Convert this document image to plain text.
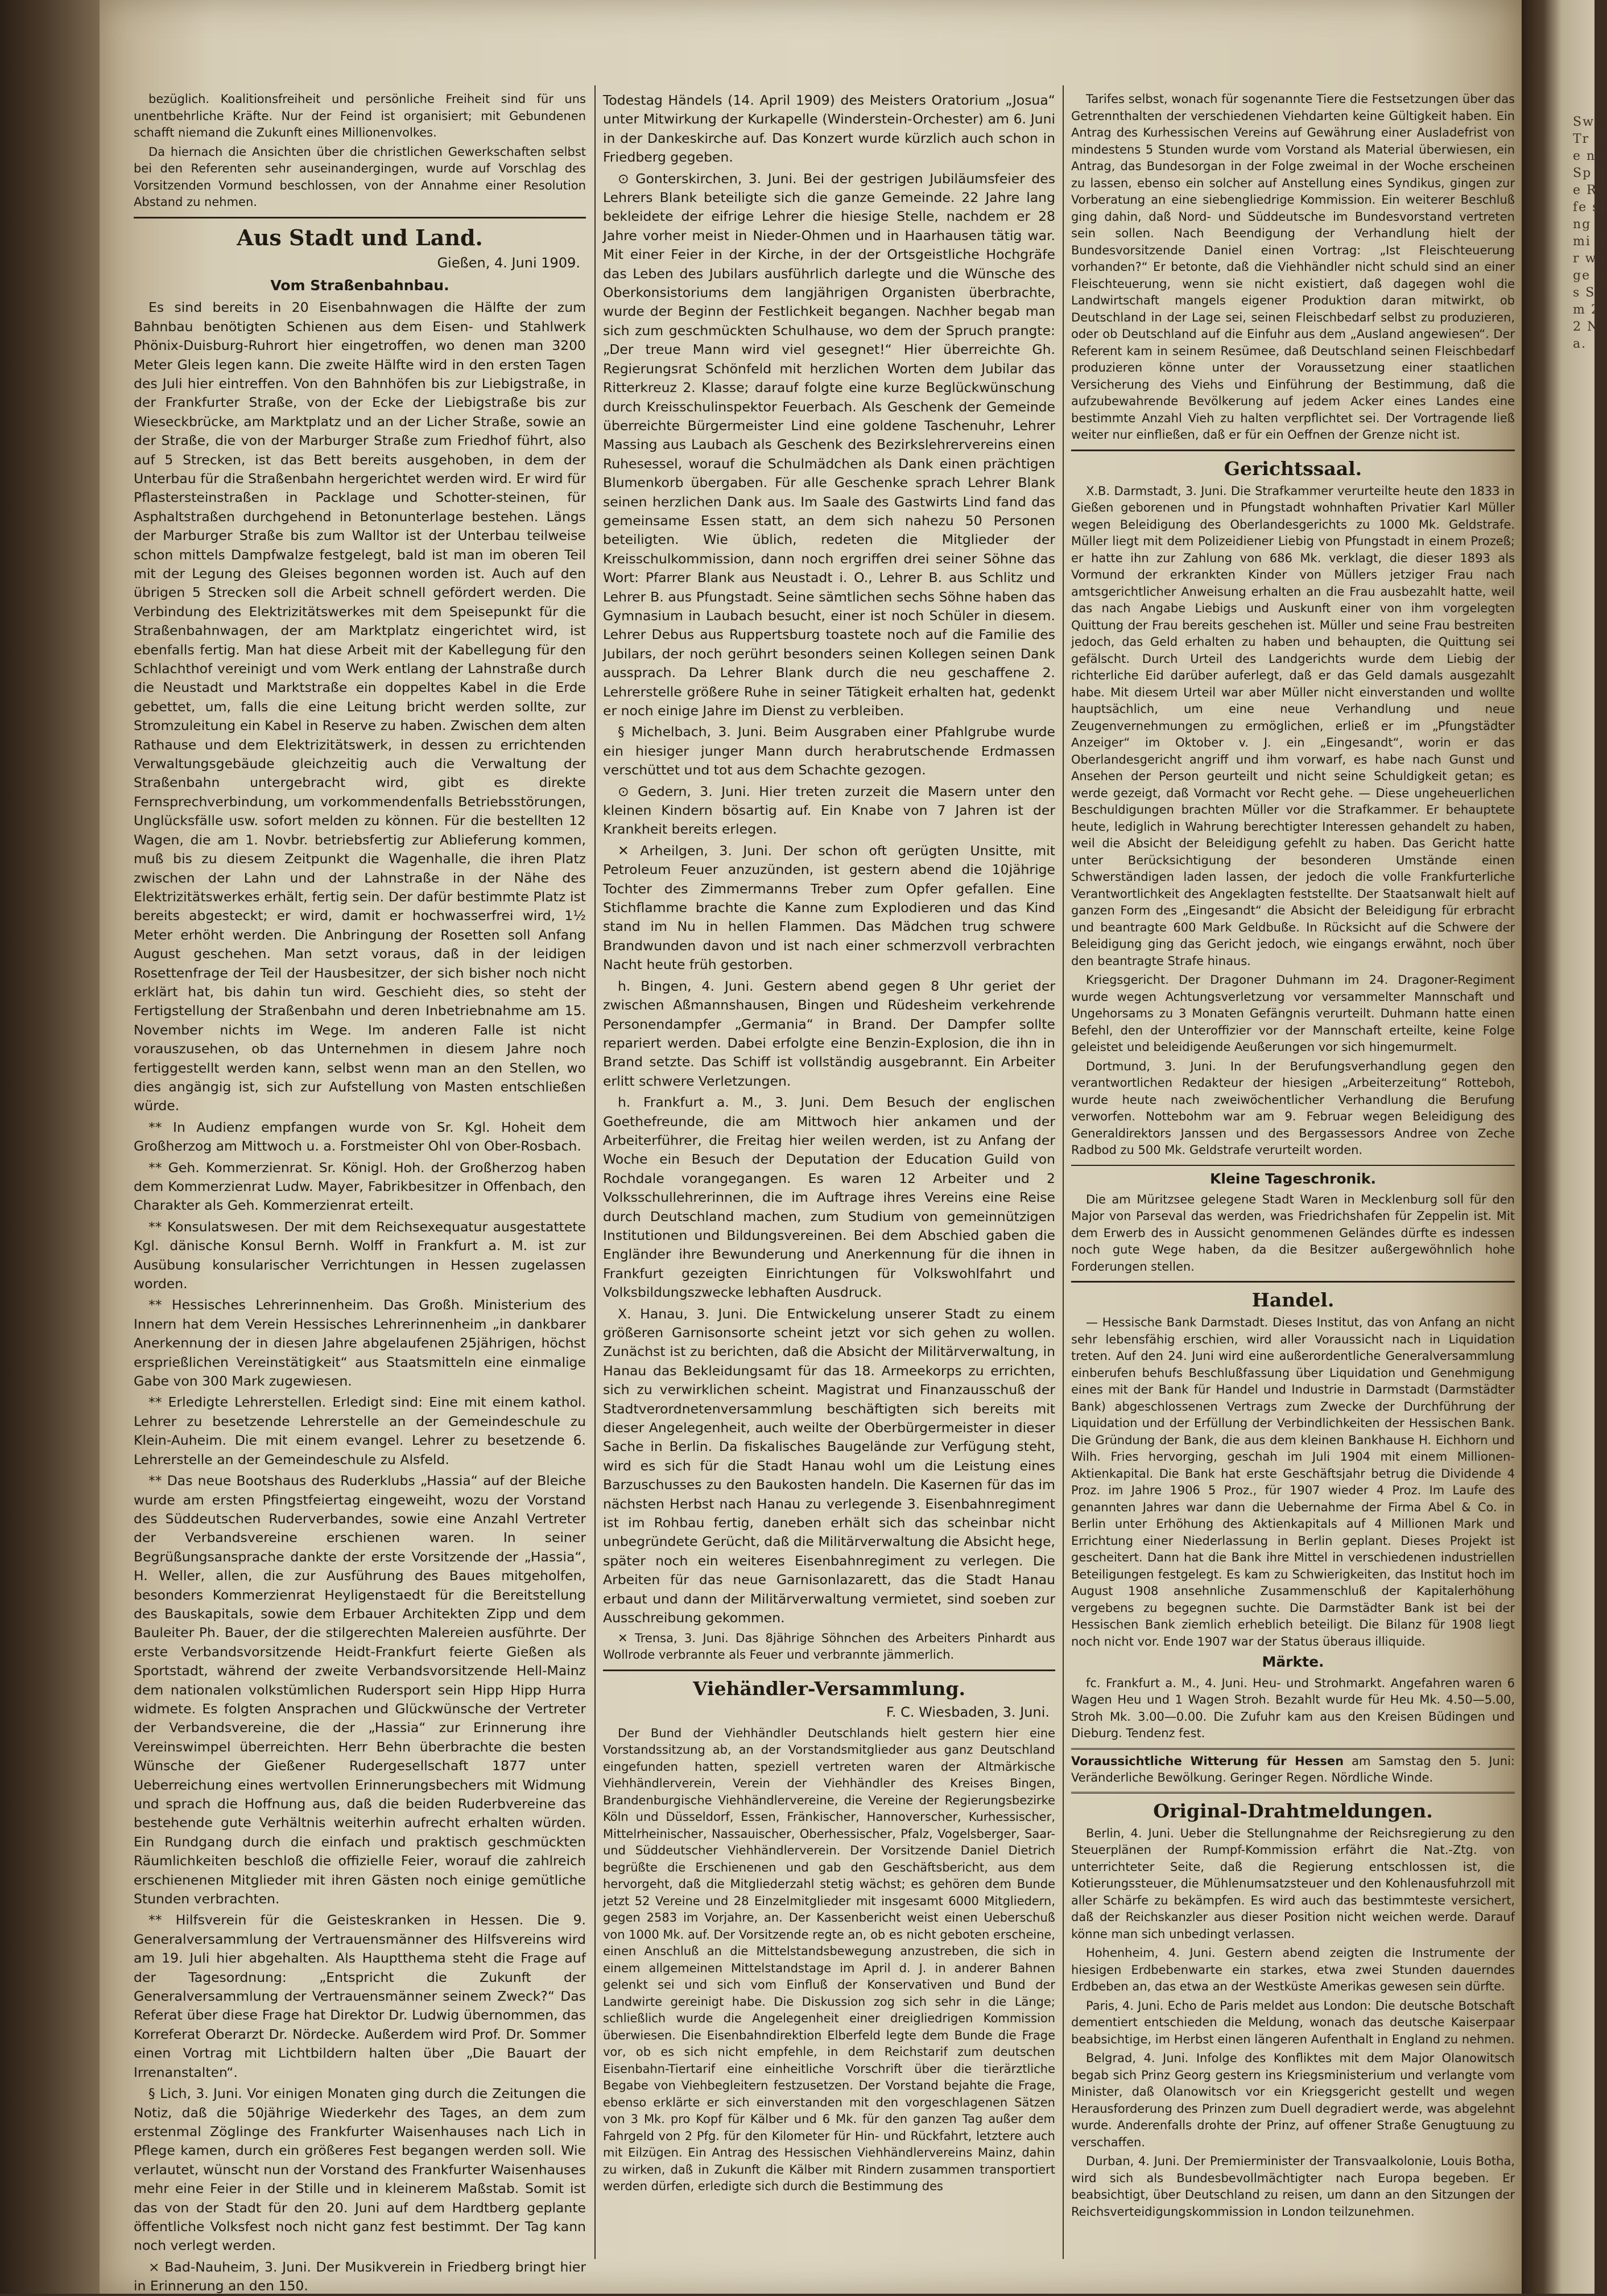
Sw Tr de ns Sp ke Re fe st ng mi er wä ge us Sm 22 Na.

bezüglich. Koalitionsfreiheit und persönliche Freiheit sind für uns unentbehrliche Kräfte. Nur der Feind ist organisiert; mit Gebundenen schafft niemand die Zukunft eines Millionenvolkes.

Da hiernach die Ansichten über die christlichen Gewerkschaften selbst bei den Referenten sehr auseinandergingen, wurde auf Vorschlag des Vorsitzenden Vormund beschlossen, von der Annahme einer Resolution Abstand zu nehmen.

Aus Stadt und Land.
Gießen, 4. Juni 1909.
Vom Straßenbahnbau.

Es sind bereits in 20 Eisenbahnwagen die Hälfte der zum Bahnbau benötigten Schienen aus dem Eisen- und Stahlwerk Phönix-Duisburg-Ruhrort hier eingetroffen, wo denen man 3200 Meter Gleis legen kann. Die zweite Hälfte wird in den ersten Tagen des Juli hier eintreffen. Von den Bahnhöfen bis zur Liebigstraße, in der Frankfurter Straße, von der Ecke der Liebigstraße bis zur Wieseckbrücke, am Marktplatz und an der Licher Straße, sowie an der Straße, die von der Marburger Straße zum Friedhof führt, also auf 5 Strecken, ist das Bett bereits ausgehoben, in dem der Unterbau für die Straßenbahn hergerichtet werden wird. Er wird für Pflastersteinstraßen in Packlage und Schotter-steinen, für Asphaltstraßen durchgehend in Betonunterlage bestehen. Längs der Marburger Straße bis zum Walltor ist der Unterbau teilweise schon mittels Dampfwalze festgelegt, bald ist man im oberen Teil mit der Legung des Gleises begonnen worden ist. Auch auf den übrigen 5 Strecken soll die Arbeit schnell gefördert werden. Die Verbindung des Elektrizitätswerkes mit dem Speisepunkt für die Straßenbahnwagen, der am Marktplatz eingerichtet wird, ist ebenfalls fertig. Man hat diese Arbeit mit der Kabellegung für den Schlachthof vereinigt und vom Werk entlang der Lahnstraße durch die Neustadt und Marktstraße ein doppeltes Kabel in die Erde gebettet, um, falls die eine Leitung bricht werden sollte, zur Stromzuleitung ein Kabel in Reserve zu haben. Zwischen dem alten Rathause und dem Elektrizitätswerk, in dessen zu errichtenden Verwaltungsgebäude gleichzeitig auch die Verwaltung der Straßenbahn untergebracht wird, gibt es direkte Fernsprechverbindung, um vorkommendenfalls Betriebsstörungen, Unglücksfälle usw. sofort melden zu können. Für die bestellten 12 Wagen, die am 1. Novbr. betriebsfertig zur Ablieferung kommen, muß bis zu diesem Zeitpunkt die Wagenhalle, die ihren Platz zwischen der Lahn und der Lahnstraße in der Nähe des Elektrizitätswerkes erhält, fertig sein. Der dafür bestimmte Platz ist bereits abgesteckt; er wird, damit er hochwasserfrei wird, 1½ Meter erhöht werden. Die Anbringung der Rosetten soll Anfang August geschehen. Man setzt voraus, daß in der leidigen Rosettenfrage der Teil der Hausbesitzer, der sich bisher noch nicht erklärt hat, bis dahin tun wird. Geschieht dies, so steht der Fertigstellung der Straßenbahn und deren Inbetriebnahme am 15. November nichts im Wege. Im anderen Falle ist nicht vorauszusehen, ob das Unternehmen in diesem Jahre noch fertiggestellt werden kann, selbst wenn man an den Stellen, wo dies angängig ist, sich zur Aufstellung von Masten entschließen würde.

** In Audienz empfangen wurde von Sr. Kgl. Hoheit dem Großherzog am Mittwoch u. a. Forstmeister Ohl von Ober-Rosbach.

** Geh. Kommerzienrat. Sr. Königl. Hoh. der Großherzog haben dem Kommerzienrat Ludw. Mayer, Fabrikbesitzer in Offenbach, den Charakter als Geh. Kommerzienrat erteilt.

** Konsulatswesen. Der mit dem Reichsexequatur ausgestattete Kgl. dänische Konsul Bernh. Wolff in Frankfurt a. M. ist zur Ausübung konsularischer Verrichtungen in Hessen zugelassen worden.

** Hessisches Lehrerinnenheim. Das Großh. Ministerium des Innern hat dem Verein Hessisches Lehrerinnenheim „in dankbarer Anerkennung der in diesen Jahre abgelaufenen 25jährigen, höchst ersprießlichen Vereinstätigkeit“ aus Staatsmitteln eine einmalige Gabe von 300 Mark zugewiesen.

** Erledigte Lehrerstellen. Erledigt sind: Eine mit einem kathol. Lehrer zu besetzende Lehrerstelle an der Gemeindeschule zu Klein-Auheim. Die mit einem evangel. Lehrer zu besetzende 6. Lehrerstelle an der Gemeindeschule zu Alsfeld.

** Das neue Bootshaus des Ruderklubs „Hassia“ auf der Bleiche wurde am ersten Pfingstfeiertag eingeweiht, wozu der Vorstand des Süddeutschen Ruderverbandes, sowie eine Anzahl Vertreter der Verbandsvereine erschienen waren. In seiner Begrüßungsansprache dankte der erste Vorsitzende der „Hassia“, H. Weller, allen, die zur Ausführung des Baues mitgeholfen, besonders Kommerzienrat Heyligenstaedt für die Bereitstellung des Bauskapitals, sowie dem Erbauer Architekten Zipp und dem Bauleiter Ph. Bauer, der die stilgerechten Malereien ausführte. Der erste Verbandsvorsitzende Heidt-Frankfurt feierte Gießen als Sportstadt, während der zweite Verbandsvorsitzende Hell-Mainz dem nationalen volkstümlichen Rudersport sein Hipp Hipp Hurra widmete. Es folgten Ansprachen und Glückwünsche der Vertreter der Verbandsvereine, die der „Hassia“ zur Erinnerung ihre Vereinswimpel überreichten. Herr Behn überbrachte die besten Wünsche der Gießener Rudergesellschaft 1877 unter Ueberreichung eines wertvollen Erinnerungsbechers mit Widmung und sprach die Hoffnung aus, daß die beiden Ruderbvereine das bestehende gute Verhältnis weiterhin aufrecht erhalten würden. Ein Rundgang durch die einfach und praktisch geschmückten Räumlichkeiten beschloß die offizielle Feier, worauf die zahlreich erschienenen Mitglieder mit ihren Gästen noch einige gemütliche Stunden verbrachten.

** Hilfsverein für die Geisteskranken in Hessen. Die 9. Generalversammlung der Vertrauensmänner des Hilfsvereins wird am 19. Juli hier abgehalten. Als Hauptthema steht die Frage auf der Tagesordnung: „Entspricht die Zukunft der Generalversammlung der Vertrauensmänner seinem Zweck?“ Das Referat über diese Frage hat Direktor Dr. Ludwig übernommen, das Korreferat Oberarzt Dr. Nördecke. Außerdem wird Prof. Dr. Sommer einen Vortrag mit Lichtbildern halten über „Die Bauart der Irrenanstalten“.

§ Lich, 3. Juni. Vor einigen Monaten ging durch die Zeitungen die Notiz, daß die 50jährige Wiederkehr des Tages, an dem zum erstenmal Zöglinge des Frankfurter Waisenhauses nach Lich in Pflege kamen, durch ein größeres Fest begangen werden soll. Wie verlautet, wünscht nun der Vorstand des Frankfurter Waisenhauses mehr eine Feier in der Stille und in kleinerem Maßstab. Somit ist das von der Stadt für den 20. Juni auf dem Hardtberg geplante öffentliche Volksfest noch nicht ganz fest bestimmt. Der Tag kann noch verlegt werden.

× Bad-Nauheim, 3. Juni. Der Musikverein in Friedberg bringt hier in Erinnerung an den 150.

Todestag Händels (14. April 1909) des Meisters Oratorium „Josua“ unter Mitwirkung der Kurkapelle (Winderstein-Orchester) am 6. Juni in der Dankeskirche auf. Das Konzert wurde kürzlich auch schon in Friedberg gegeben.

⊙ Gonterskirchen, 3. Juni. Bei der gestrigen Jubiläumsfeier des Lehrers Blank beteiligte sich die ganze Gemeinde. 22 Jahre lang bekleidete der eifrige Lehrer die hiesige Stelle, nachdem er 28 Jahre vorher meist in Nieder-Ohmen und in Haarhausen tätig war. Mit einer Feier in der Kirche, in der der Ortsgeistliche Hochgräfe das Leben des Jubilars ausführlich darlegte und die Wünsche des Oberkonsistoriums dem langjährigen Organisten überbrachte, wurde der Beginn der Festlichkeit begangen. Nachher begab man sich zum geschmückten Schulhause, wo dem der Spruch prangte: „Der treue Mann wird viel gesegnet!“ Hier überreichte Gh. Regierungsrat Schönfeld mit herzlichen Worten dem Jubilar das Ritterkreuz 2. Klasse; darauf folgte eine kurze Beglückwünschung durch Kreisschulinspektor Feuerbach. Als Geschenk der Gemeinde überreichte Bürgermeister Lind eine goldene Taschenuhr, Lehrer Massing aus Laubach als Geschenk des Bezirkslehrervereins einen Ruhesessel, worauf die Schulmädchen als Dank einen prächtigen Blumenkorb übergaben. Für alle Geschenke sprach Lehrer Blank seinen herzlichen Dank aus. Im Saale des Gastwirts Lind fand das gemeinsame Essen statt, an dem sich nahezu 50 Personen beteiligten. Wie üblich, redeten die Mitglieder der Kreisschulkommission, dann noch ergriffen drei seiner Söhne das Wort: Pfarrer Blank aus Neustadt i. O., Lehrer B. aus Schlitz und Lehrer B. aus Pfungstadt. Seine sämtlichen sechs Söhne haben das Gymnasium in Laubach besucht, einer ist noch Schüler in diesem. Lehrer Debus aus Ruppertsburg toastete noch auf die Familie des Jubilars, der noch gerührt besonders seinen Kollegen seinen Dank aussprach. Da Lehrer Blank durch die neu geschaffene 2. Lehrerstelle größere Ruhe in seiner Tätigkeit erhalten hat, gedenkt er noch einige Jahre im Dienst zu verbleiben.

§ Michelbach, 3. Juni. Beim Ausgraben einer Pfahlgrube wurde ein hiesiger junger Mann durch herabrutschende Erdmassen verschüttet und tot aus dem Schachte gezogen.

⊙ Gedern, 3. Juni. Hier treten zurzeit die Masern unter den kleinen Kindern bösartig auf. Ein Knabe von 7 Jahren ist der Krankheit bereits erlegen.

✕ Arheilgen, 3. Juni. Der schon oft gerügten Unsitte, mit Petroleum Feuer anzuzünden, ist gestern abend die 10jährige Tochter des Zimmermanns Treber zum Opfer gefallen. Eine Stichflamme brachte die Kanne zum Explodieren und das Kind stand im Nu in hellen Flammen. Das Mädchen trug schwere Brandwunden davon und ist nach einer schmerzvoll verbrachten Nacht heute früh gestorben.

h. Bingen, 4. Juni. Gestern abend gegen 8 Uhr geriet der zwischen Aßmannshausen, Bingen und Rüdesheim verkehrende Personendampfer „Germania“ in Brand. Der Dampfer sollte repariert werden. Dabei erfolgte eine Benzin-Explosion, die ihn in Brand setzte. Das Schiff ist vollständig ausgebrannt. Ein Arbeiter erlitt schwere Verletzungen.

h. Frankfurt a. M., 3. Juni. Dem Besuch der englischen Goethefreunde, die am Mittwoch hier ankamen und der Arbeiterführer, die Freitag hier weilen werden, ist zu Anfang der Woche ein Besuch der Deputation der Education Guild von Rochdale vorangegangen. Es waren 12 Arbeiter und 2 Volksschullehrerinnen, die im Auftrage ihres Vereins eine Reise durch Deutschland machen, zum Studium von gemeinnützigen Institutionen und Bildungsvereinen. Bei dem Abschied gaben die Engländer ihre Bewunderung und Anerkennung für die ihnen in Frankfurt gezeigten Einrichtungen für Volkswohlfahrt und Volksbildungszwecke lebhaften Ausdruck.

X. Hanau, 3. Juni. Die Entwickelung unserer Stadt zu einem größeren Garnisonsorte scheint jetzt vor sich gehen zu wollen. Zunächst ist zu berichten, daß die Absicht der Militärverwaltung, in Hanau das Bekleidungsamt für das 18. Armeekorps zu errichten, sich zu verwirklichen scheint. Magistrat und Finanzausschuß der Stadtverordnetenversammlung beschäftigten sich bereits mit dieser Angelegenheit, auch weilte der Oberbürgermeister in dieser Sache in Berlin. Da fiskalisches Baugelände zur Verfügung steht, wird es sich für die Stadt Hanau wohl um die Leistung eines Barzuschusses zu den Baukosten handeln. Die Kasernen für das im nächsten Herbst nach Hanau zu verlegende 3. Eisenbahnregiment ist im Rohbau fertig, daneben erhält sich das scheinbar nicht unbegründete Gerücht, daß die Militärverwaltung die Absicht hege, später noch ein weiteres Eisenbahnregiment zu verlegen. Die Arbeiten für das neue Garnisonlazarett, das die Stadt Hanau erbaut und dann der Militärverwaltung vermietet, sind soeben zur Ausschreibung gekommen.

✕ Trensa, 3. Juni. Das 8jährige Söhnchen des Arbeiters Pinhardt aus Wollrode verbrannte als Feuer und verbrannte jämmerlich.

Viehändler-Versammlung.
F. C. Wiesbaden, 3. Juni.

Der Bund der Viehhändler Deutschlands hielt gestern hier eine Vorstandssitzung ab, an der Vorstandsmitglieder aus ganz Deutschland eingefunden hatten, speziell vertreten waren der Altmärkische Viehhändlerverein, Verein der Viehhändler des Kreises Bingen, Brandenburgische Viehhändlervereine, die Vereine der Regierungsbezirke Köln und Düsseldorf, Essen, Fränkischer, Hannoverscher, Kurhessischer, Mittelrheinischer, Nassauischer, Oberhessischer, Pfalz, Vogelsberger, Saar- und Süddeutscher Viehhändlerverein. Der Vorsitzende Daniel Dietrich begrüßte die Erschienenen und gab den Geschäftsbericht, aus dem hervorgeht, daß die Mitgliederzahl stetig wächst; es gehören dem Bunde jetzt 52 Vereine und 28 Einzelmitglieder mit insgesamt 6000 Mitgliedern, gegen 2583 im Vorjahre, an. Der Kassenbericht weist einen Ueberschuß von 1000 Mk. auf. Der Vorsitzende regte an, ob es nicht geboten erscheine, einen Anschluß an die Mittelstandsbewegung anzustreben, die sich in einem allgemeinen Mittelstandstage im April d. J. in anderer Bahnen gelenkt sei und sich vom Einfluß der Konservativen und Bund der Landwirte gereinigt habe. Die Diskussion zog sich sehr in die Länge; schließlich wurde die Angelegenheit einer dreigliedrigen Kommission überwiesen. Die Eisenbahndirektion Elberfeld legte dem Bunde die Frage vor, ob es sich nicht empfehle, in dem Reichstarif zum deutschen Eisenbahn-Tiertarif eine einheitliche Vorschrift über die tierärztliche Begabe von Viehbegleitern festzusetzen. Der Vorstand bejahte die Frage, ebenso erklärte er sich einverstanden mit den vorgeschlagenen Sätzen von 3 Mk. pro Kopf für Kälber und 6 Mk. für den ganzen Tag außer dem Fahrgeld von 2 Pfg. für den Kilometer für Hin- und Rückfahrt, letztere auch mit Eilzügen. Ein Antrag des Hessischen Viehhändlervereins Mainz, dahin zu wirken, daß in Zukunft die Kälber mit Rindern zusammen transportiert werden dürfen, erledigte sich durch die Bestimmung des

Tarifes selbst, wonach für sogenannte Tiere die Festsetzungen über das Getrennthalten der verschiedenen Viehdarten keine Gültigkeit haben. Ein Antrag des Kurhessischen Vereins auf Gewährung einer Ausladefrist von mindestens 5 Stunden wurde vom Vorstand als Material überwiesen, ein Antrag, das Bundesorgan in der Folge zweimal in der Woche erscheinen zu lassen, ebenso ein solcher auf Anstellung eines Syndikus, gingen zur Vorberatung an eine siebengliedrige Kommission. Ein weiterer Beschluß ging dahin, daß Nord- und Süddeutsche im Bundesvorstand vertreten sein sollen. Nach Beendigung der Verhandlung hielt der Bundesvorsitzende Daniel einen Vortrag: „Ist Fleischteuerung vorhanden?“ Er betonte, daß die Viehhändler nicht schuld sind an einer Fleischteuerung, wenn sie nicht existiert, daß dagegen wohl die Landwirtschaft mangels eigener Produktion daran mitwirkt, ob Deutschland in der Lage sei, seinen Fleischbedarf selbst zu produzieren, oder ob Deutschland auf die Einfuhr aus dem „Ausland angewiesen“. Der Referent kam in seinem Resümee, daß Deutschland seinen Fleischbedarf produzieren könne unter der Voraussetzung einer staatlichen Versicherung des Viehs und Einführung der Bestimmung, daß die aufzubewahrende Bevölkerung auf jedem Acker eines Landes eine bestimmte Anzahl Vieh zu halten verpflichtet sei. Der Vortragende ließ weiter nur einfließen, daß er für ein Oeffnen der Grenze nicht ist.

Gerichtssaal.

X.B. Darmstadt, 3. Juni. Die Strafkammer verurteilte heute den 1833 in Gießen geborenen und in Pfungstadt wohnhaften Privatier Karl Müller wegen Beleidigung des Oberlandesgerichts zu 1000 Mk. Geldstrafe. Müller liegt mit dem Polizeidiener Liebig von Pfungstadt in einem Prozeß; er hatte ihn zur Zahlung von 686 Mk. verklagt, die dieser 1893 als Vormund der erkrankten Kinder von Müllers jetziger Frau nach amtsgerichtlicher Anweisung erhalten an die Frau ausbezahlt hatte, weil das nach Angabe Liebigs und Auskunft einer von ihm vorgelegten Quittung der Frau bereits geschehen ist. Müller und seine Frau bestreiten jedoch, das Geld erhalten zu haben und behaupten, die Quittung sei gefälscht. Durch Urteil des Landgerichts wurde dem Liebig der richterliche Eid darüber auferlegt, daß er das Geld damals ausgezahlt habe. Mit diesem Urteil war aber Müller nicht einverstanden und wollte hauptsächlich, um eine neue Verhandlung und neue Zeugenvernehmungen zu ermöglichen, erließ er im „Pfungstädter Anzeiger“ im Oktober v. J. ein „Eingesandt“, worin er das Oberlandesgericht angriff und ihm vorwarf, es habe nach Gunst und Ansehen der Person geurteilt und nicht seine Schuldigkeit getan; es werde gezeigt, daß Vormacht vor Recht gehe. — Diese ungeheuerlichen Beschuldigungen brachten Müller vor die Strafkammer. Er behauptete heute, lediglich in Wahrung berechtigter Interessen gehandelt zu haben, weil die Absicht der Beleidigung gefehlt zu haben. Das Gericht hatte unter Berücksichtigung der besonderen Umstände einen Schwerständigen laden lassen, der jedoch die volle Frankfurterliche Verantwortlichkeit des Angeklagten feststellte. Der Staatsanwalt hielt auf ganzen Form des „Eingesandt“ die Absicht der Beleidigung für erbracht und beantragte 600 Mark Geldbuße. In Rücksicht auf die Schwere der Beleidigung ging das Gericht jedoch, wie eingangs erwähnt, noch über den beantragte Strafe hinaus.

Kriegsgericht. Der Dragoner Duhmann im 24. Dragoner-Regiment wurde wegen Achtungsverletzung vor versammelter Mannschaft und Ungehorsams zu 3 Monaten Gefängnis verurteilt. Duhmann hatte einen Befehl, den der Unteroffizier vor der Mannschaft erteilte, keine Folge geleistet und beleidigende Aeußerungen vor sich hingemurmelt.

Dortmund, 3. Juni. In der Berufungsverhandlung gegen den verantwortlichen Redakteur der hiesigen „Arbeiterzeitung“ Rotteboh, wurde heute nach zweiwöchentlicher Verhandlung die Berufung verworfen. Nottebohm war am 9. Februar wegen Beleidigung des Generaldirektors Janssen und des Bergassessors Andree von Zeche Radbod zu 500 Mk. Geldstrafe verurteilt worden.

Kleine Tageschronik.

Die am Müritzsee gelegene Stadt Waren in Mecklenburg soll für den Major von Parseval das werden, was Friedrichshafen für Zeppelin ist. Mit dem Erwerb des in Aussicht genommenen Geländes dürfte es indessen noch gute Wege haben, da die Besitzer außergewöhnlich hohe Forderungen stellen.

Handel.

— Hessische Bank Darmstadt. Dieses Institut, das von Anfang an nicht sehr lebensfähig erschien, wird aller Voraussicht nach in Liquidation treten. Auf den 24. Juni wird eine außerordentliche Generalversammlung einberufen behufs Beschlußfassung über Liquidation und Genehmigung eines mit der Bank für Handel und Industrie in Darmstadt (Darmstädter Bank) abgeschlossenen Vertrags zum Zwecke der Durchführung der Liquidation und der Erfüllung der Verbindlichkeiten der Hessischen Bank. Die Gründung der Bank, die aus dem kleinen Bankhause H. Eichhorn und Wilh. Fries hervorging, geschah im Juli 1904 mit einem Millionen-Aktienkapital. Die Bank hat erste Geschäftsjahr betrug die Dividende 4 Proz. im Jahre 1906 5 Proz., für 1907 wieder 4 Proz. Im Laufe des genannten Jahres war dann die Uebernahme der Firma Abel & Co. in Berlin unter Erhöhung des Aktienkapitals auf 4 Millionen Mark und Errichtung einer Niederlassung in Berlin geplant. Dieses Projekt ist gescheitert. Dann hat die Bank ihre Mittel in verschiedenen industriellen Beteiligungen festgelegt. Es kam zu Schwierigkeiten, das Institut hoch im August 1908 ansehnliche Zusammenschluß der Kapitalerhöhung vergebens zu begegnen suchte. Die Darmstädter Bank ist bei der Hessischen Bank ziemlich erheblich beteiligt. Die Bilanz für 1908 liegt noch nicht vor. Ende 1907 war der Status überaus illiquide.

Märkte.

fc. Frankfurt a. M., 4. Juni. Heu- und Strohmarkt. Angefahren waren 6 Wagen Heu und 1 Wagen Stroh. Bezahlt wurde für Heu Mk. 4.50—5.00, Stroh Mk. 3.00—0.00. Die Zufuhr kam aus den Kreisen Büdingen und Dieburg. Tendenz fest.

Voraussichtliche Witterung für Hessen am Samstag den 5. Juni: Veränderliche Bewölkung. Geringer Regen. Nördliche Winde.
Original-Drahtmeldungen.

Berlin, 4. Juni. Ueber die Stellungnahme der Reichsregierung zu den Steuerplänen der Rumpf-Kommission erfährt die Nat.-Ztg. von unterrichteter Seite, daß die Regierung entschlossen ist, die Kotierungssteuer, die Mühlenumsatzsteuer und den Kohlenausfuhrzoll mit aller Schärfe zu bekämpfen. Es wird auch das bestimmteste versichert, daß der Reichskanzler aus dieser Position nicht weichen werde. Darauf könne man sich unbedingt verlassen.

Hohenheim, 4. Juni. Gestern abend zeigten die Instrumente der hiesigen Erdbebenwarte ein starkes, etwa zwei Stunden dauerndes Erdbeben an, das etwa an der Westküste Amerikas gewesen sein dürfte.

Paris, 4. Juni. Echo de Paris meldet aus London: Die deutsche Botschaft dementiert entschieden die Meldung, wonach das deutsche Kaiserpaar beabsichtige, im Herbst einen längeren Aufenthalt in England zu nehmen.

Belgrad, 4. Juni. Infolge des Konfliktes mit dem Major Olanowitsch begab sich Prinz Georg gestern ins Kriegsministerium und verlangte vom Minister, daß Olanowitsch vor ein Kriegsgericht gestellt und wegen Herausforderung des Prinzen zum Duell degradiert werde, was abgelehnt wurde. Anderenfalls drohte der Prinz, auf offener Straße Genugtuung zu verschaffen.

Durban, 4. Juni. Der Premierminister der Transvaalkolonie, Louis Botha, wird sich als Bundesbevollmächtigter nach Europa begeben. Er beabsichtigt, über Deutschland zu reisen, um dann an den Sitzungen der Reichsverteidigungskommission in London teilzunehmen.
